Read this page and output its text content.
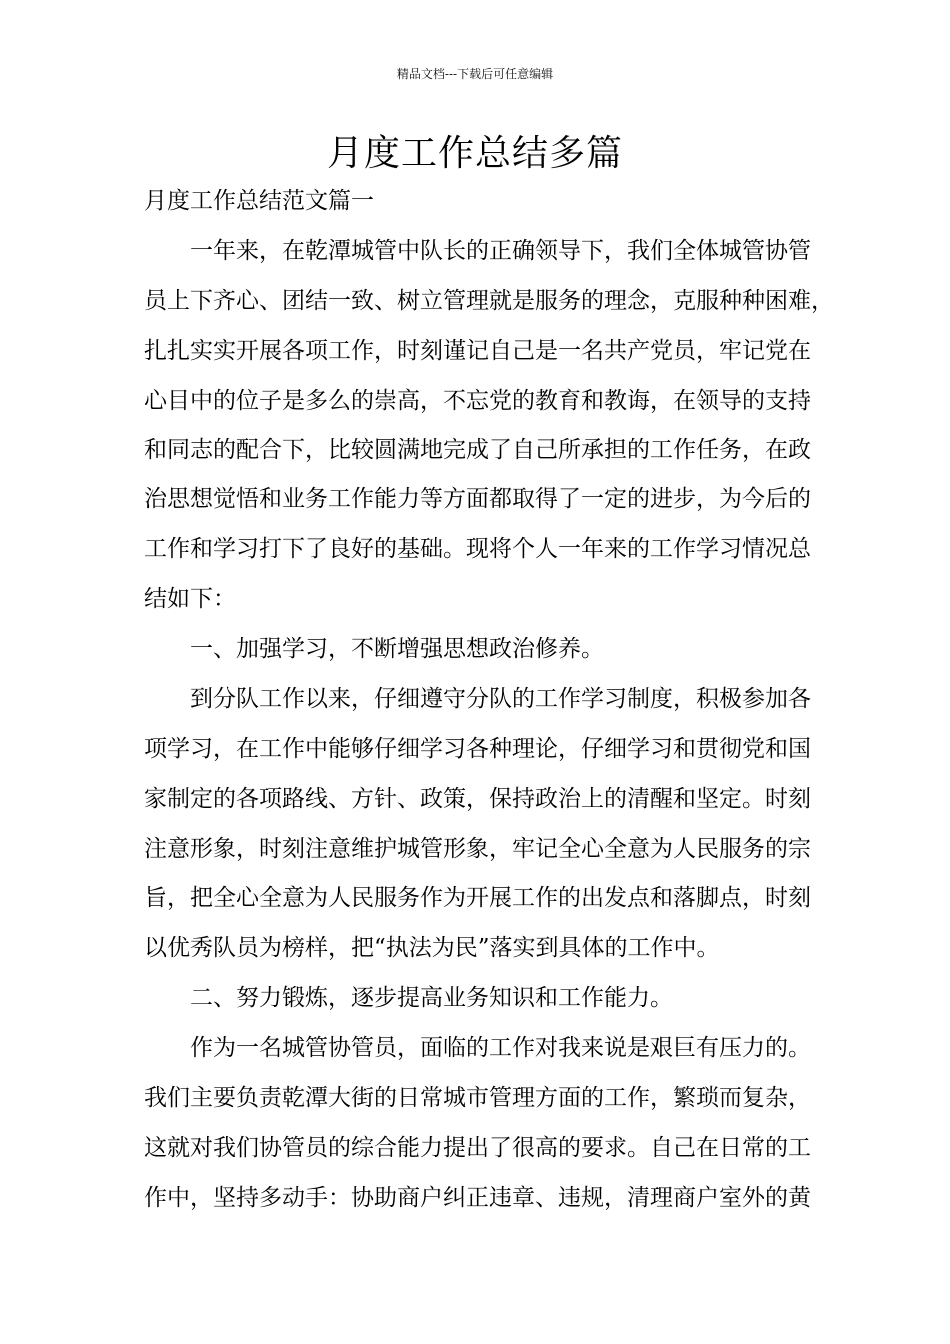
精品文档---下载后可任意编辑
月度工作总结多篇

月度工作总结范文篇一

一年来，在乾潭城管中队长的正确领导下，我们全体城管协管

员上下齐心、团结一致、树立管理就是服务的理念，克服种种困难，

扎扎实实开展各项工作，时刻谨记自己是一名共产党员，牢记党在

心目中的位子是多么的崇高，不忘党的教育和教诲，在领导的支持

和同志的配合下，比较圆满地完成了自己所承担的工作任务，在政

治思想觉悟和业务工作能力等方面都取得了一定的进步，为今后的

工作和学习打下了良好的基础。现将个人一年来的工作学习情况总

结如下：

一、加强学习，不断增强思想政治修养。

到分队工作以来，仔细遵守分队的工作学习制度，积极参加各

项学习，在工作中能够仔细学习各种理论，仔细学习和贯彻党和国

家制定的各项路线、方针、政策，保持政治上的清醒和坚定。时刻

注意形象，时刻注意维护城管形象，牢记全心全意为人民服务的宗

旨，把全心全意为人民服务作为开展工作的出发点和落脚点，时刻

以优秀队员为榜样，把“执法为民”落实到具体的工作中。

二、努力锻炼，逐步提高业务知识和工作能力。

作为一名城管协管员，面临的工作对我来说是艰巨有压力的。

我们主要负责乾潭大街的日常城市管理方面的工作，繁琐而复杂，

这就对我们协管员的综合能力提出了很高的要求。自己在日常的工

作中，坚持多动手：协助商户纠正违章、违规，清理商户室外的黄
